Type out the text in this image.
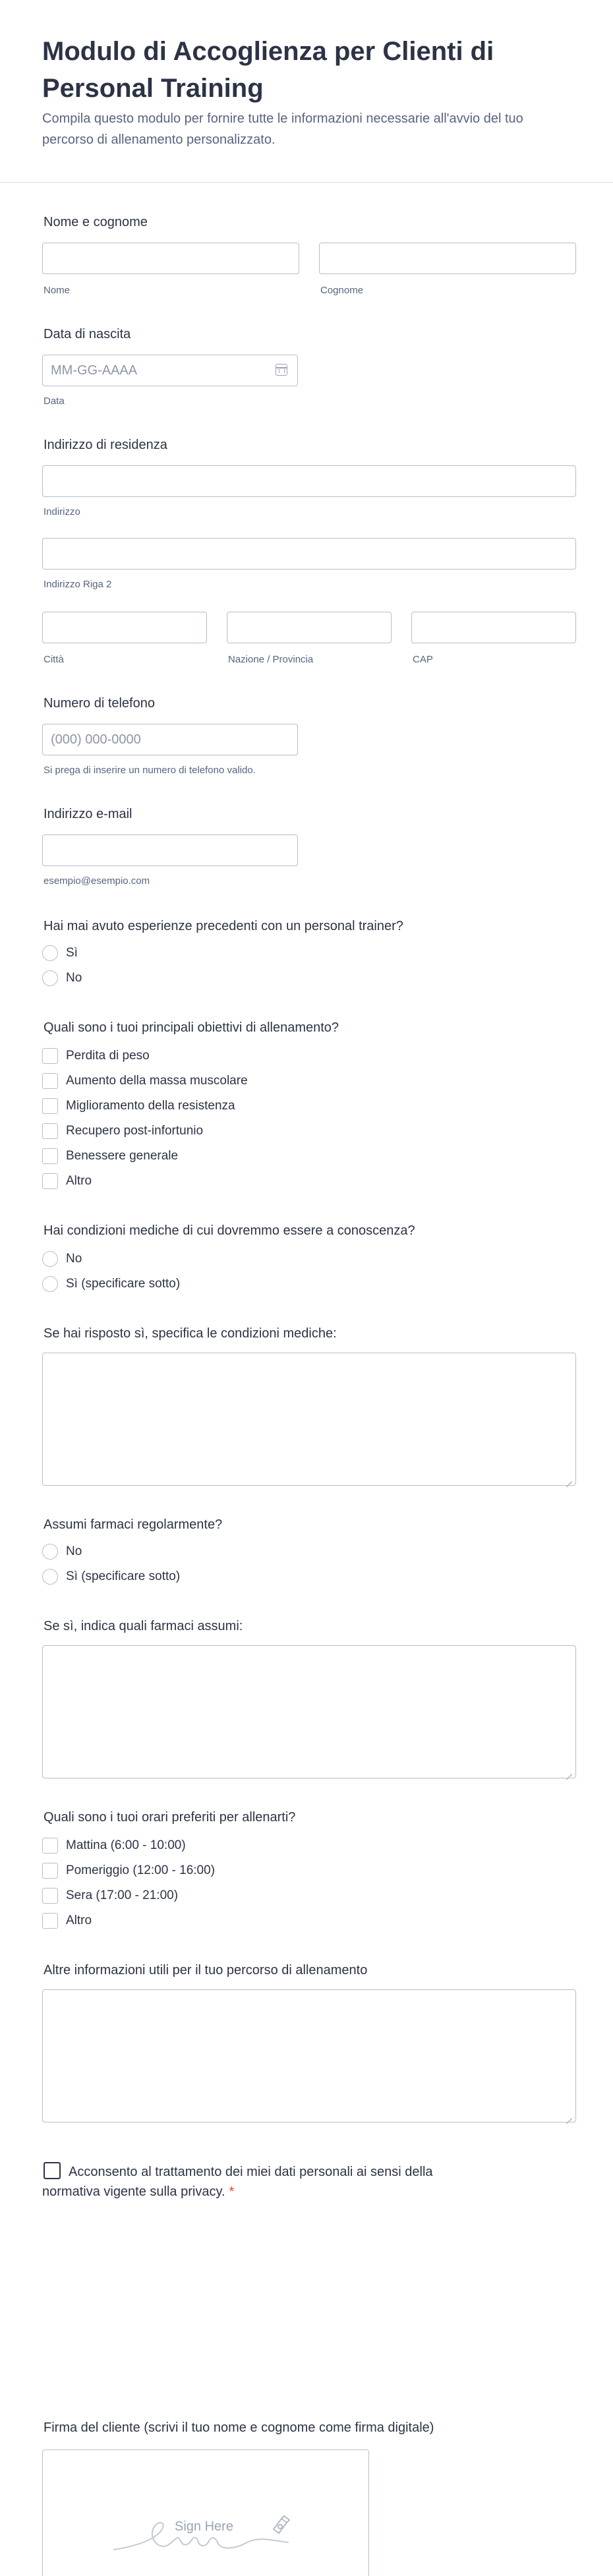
Modulo di Accoglienza per Clienti di Personal Training

Compila questo modulo per fornire tutte le informazioni necessarie all'avvio del tuo percorso di allenamento personalizzato.

Nome e cognome
Nome	Cognome
Data di nascita
MM-GG-AAAA
Data
Indirizzo di residenza
Indirizzo
Indirizzo Riga 2
Città	Nazione / Provincia	CAP
Numero di telefono
(000) 000-0000
Si prega di inserire un numero di telefono valido.
Indirizzo e-mail
esempio@esempio.com
Hai mai avuto esperienze precedenti con un personal trainer?
Sì
No
Quali sono i tuoi principali obiettivi di allenamento?
Perdita di peso
Aumento della massa muscolare
Miglioramento della resistenza
Recupero post-infortunio
Benessere generale
Altro
Hai condizioni mediche di cui dovremmo essere a conoscenza?
No
Sì (specificare sotto)
Se hai risposto sì, specifica le condizioni mediche:
Assumi farmaci regolarmente?
No
Sì (specificare sotto)
Se sì, indica quali farmaci assumi:
Quali sono i tuoi orari preferiti per allenarti?
Mattina (6:00 - 10:00)
Pomeriggio (12:00 - 16:00)
Sera (17:00 - 21:00)
Altro
Altre informazioni utili per il tuo percorso di allenamento
Acconsento al trattamento dei miei dati personali ai sensi della normativa vigente sulla privacy. *
Firma del cliente (scrivi il tuo nome e cognome come firma digitale)
Sign Here
